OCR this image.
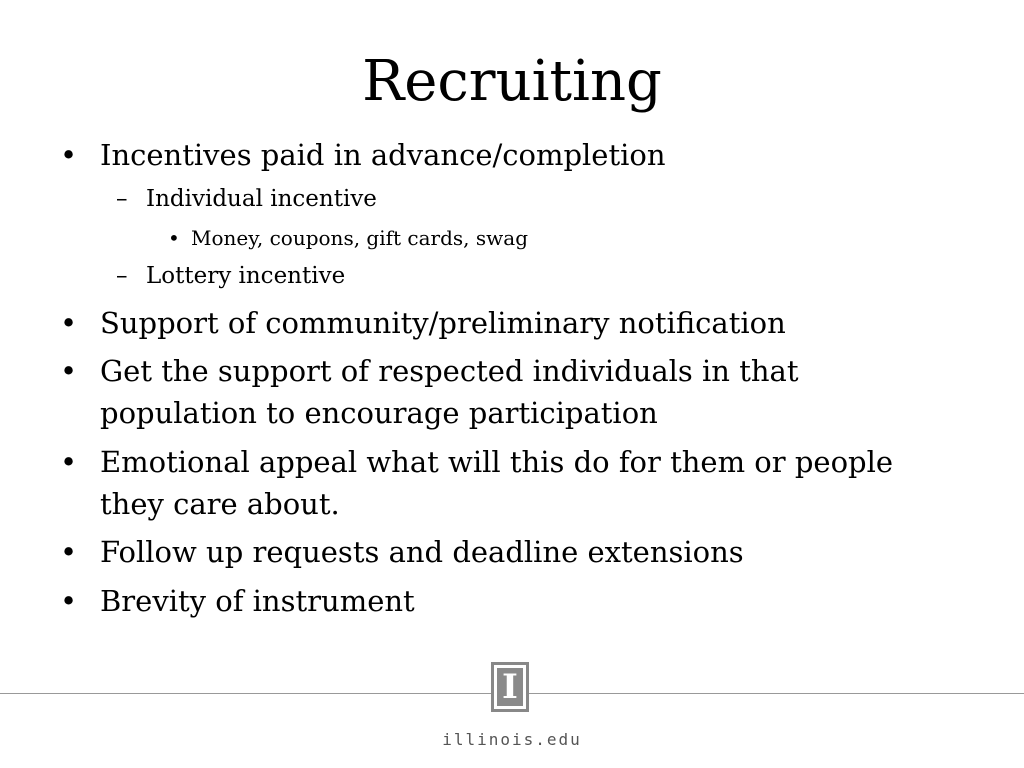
Recruiting
• Incentives paid in advance/completion
– Individual incentive
• Money, coupons, gift cards, swag
– Lottery incentive
• Support of community/preliminary notification
• Get the support of respected individuals in that
population to encourage participation
• Emotional appeal what will this do for them or people
they care about.
• Follow up requests and deadline extensions
• Brevity of instrument
I
illinois.edu
